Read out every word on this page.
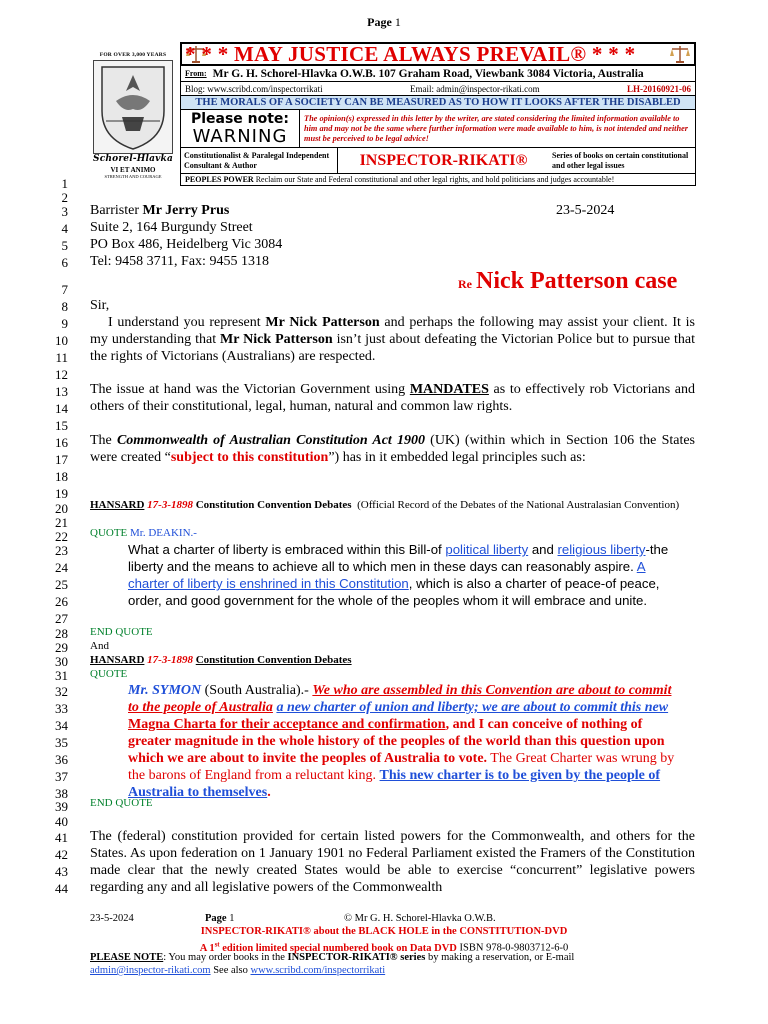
Page 1
FOR OVER 3,000 YEARS
Schorel-Hlavka
VI ET ANIMO
STRENGTH AND COURAGE
* * * MAY JUSTICE ALWAYS PREVAIL® * * *
From: Mr G. H. Schorel-Hlavka O.W.B. 107 Graham Road, Viewbank 3084 Victoria, Australia
Blog: www.scribd.com/inspectorrikati	Email: admin@inspector-rikati.com	LH-20160921-06
THE MORALS OF A SOCIETY CAN BE MEASURED AS TO HOW IT LOOKS AFTER THE DISABLED
Please note:
WARNING
The opinion(s) expressed in this letter by the writer, are stated considering the limited information available to him and may not be the same where further information were made available to him, is not intended and neither must be perceived to be legal advice!
Constitutionalist & Paralegal Independent Consultant & Author	INSPECTOR-RIKATI®	Series of books on certain constitutional and other legal issues
PEOPLES POWER
Reclaim our State and Federal constitutional and other legal rights, and hold politicians and judges accountable!
1
2
3
4
5
6
7
8
9
10
11
12
13
14
15
16
17
18
19
20
21
22
23
24
25
26
27
28
29
30
31
32
33
34
35
36
37
38
39
40
41
42
43
44
Barrister Mr Jerry Prus	23-5-2024
Suite 2, 164 Burgundy Street
PO Box 486, Heidelberg Vic 3084
Tel: 9458 3711, Fax: 9455 1318
Re Nick Patterson case
Sir,
I understand you represent Mr Nick Patterson and perhaps the following may assist your client. It is my understanding that Mr Nick Patterson isn’t just about defeating the Victorian Police but to pursue that the rights of Victorians (Australians) are respected.
The issue at hand was the Victorian Government using MANDATES as to effectively rob Victorians and others of their constitutional, legal, human, natural and common law rights.
The Commonwealth of Australian Constitution Act 1900 (UK) (within which in Section 106 the States were created “subject to this constitution”) has in it embedded legal principles such as:
HANSARD 17-3-1898 Constitution Convention Debates (Official Record of the Debates of the National Australasian Convention)
QUOTE Mr. DEAKIN.-
What a charter of liberty is embraced within this Bill-of political liberty and religious liberty-the liberty and the means to achieve all to which men in these days can reasonably aspire. A charter of liberty is enshrined in this Constitution, which is also a charter of peace-of peace, order, and good government for the whole of the peoples whom it will embrace and unite.
END QUOTE
And
HANSARD 17-3-1898 Constitution Convention Debates
QUOTE
Mr. SYMON (South Australia).- We who are assembled in this Convention are about to commit to the people of Australia a new charter of union and liberty; we are about to commit this new Magna Charta for their acceptance and confirmation, and I can conceive of nothing of greater magnitude in the whole history of the peoples of the world than this question upon which we are about to invite the peoples of Australia to vote. The Great Charter was wrung by the barons of England from a reluctant king. This new charter is to be given by the people of Australia to themselves.
END QUOTE
The (federal) constitution provided for certain listed powers for the Commonwealth, and others for the States. As upon federation on 1 January 1901 no Federal Parliament existed the Framers of the Constitution made clear that the newly created States would be able to exercise “concurrent” legislative powers regarding any and all legislative powers of the Commonwealth
23-5-2024	Page 1	© Mr G. H. Schorel-Hlavka O.W.B.
INSPECTOR-RIKATI® about the BLACK HOLE in the CONSTITUTION-DVD
A 1st edition limited special numbered book on Data DVD ISBN 978-0-9803712-6-0
PLEASE NOTE: You may order books in the INSPECTOR-RIKATI® series by making a reservation, or E-mail
admin@inspector-rikati.com See also www.scribd.com/inspectorrikati
